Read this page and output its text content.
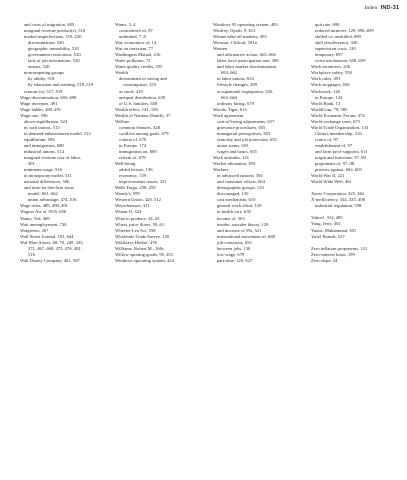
Index IND-31
and costs of migration, 685
marginal revenue product(s), 518
market imperfections, 519–520
discrimination, 520
geographic immobility, 520
government restrictions, 520
lack of job information, 520
unions, 520
noncompeting groups
by ability, 518
by education and training, 518–519
reasons for, 517–519
Wage discrimination, 693–698
Wage increases, 491
Wage ladder, 490–491
Wage rate, 596
above-equilibrium, 524
in craft unions, 513
in demand-enhancement model, 512
equilibrium, 506
and immigration, 688
industrial unions, 514
marginal revenue cost of labor,
491
minimum wage, 516
in monopsony model, 511
national differences, 506
and time-for-the-firm issue
model, 661–662
union advantage, 474–516
Wage rules, 489, 490–491
Wagner Act of 1935, 656
Wants, Ted, 469
Wait unemployment, 730
Walgreens, 267
Wall Street Journal, 181, 644
Wal-Mart Stores, 68, 70, 249, 345,
371, 467–468, 475–476, 481,
516
Walt Disney Company, 461, 587
Wants, 3–4
coincidence of, 87
unlimited, 7–8
War, economics of, 14
War on terrorism, 77
Washington Mutual, 216
Water pollution, 72
Water quality credits, 555
Wealth
determinant of saving and
consumption, 153
as stock, 419
unequal distribution, 639
of U.S. families, 658
Wealth effect, 142, 190
Wealth of Nations (Smith), 37
Welfare
common features, 428
conflicts among goals, 679
criteria of, 679
in Europe, 174
immigration on, 689
reform of, 679
Well-being
added leisure, 136
economic, 139
improvements issues, 321
Wells Fargo, 258, 259
Wendy's, 599
Western Union, 420, 512
Weyerhaeuser, 311
Wham-O, 424
What to produce, 34–35
Wheat, price floors, 59–61
Wheeler-Lea Act, 558
Wholesale Trade Survey, 120
Wikileave Hadise, 476
Williams, Robert M., 160s
Willow-spotting goods, 95, 451
Windows operating system, 424
Windows 95 operating system, 483
Winfrey, Oprah, 9, 613
Winner-take-all markets, 493
Winston, Clifford, 181n
Women
and affirmative action, 665–666
labor force participation rate, 309
and labor market discrimination,
693–662
in labor unions, 654
lifestyle changes, 309
occupational segregation, 520,
663–664
ordinary hiring, 679
Woods, Tiger, 613
Work agreement
cost-of-living adjustments, 657
grievance procedures, 655
managerial prerogatives, 655
seniority and job protection, 655
union status, 655
wages and hours, 655
Work attitudes, 141
Worker alienation, 393
Workers
in advanced nations, 394
and consumer efforts, 604
demographic groups, 133
discouraged, 130
cast mechanism, 610
general work effort, 129
in health care, 635
income of, 503
insider–outsider theory, 129
and increase of 59s, 521
international movement of, 688
job-conscious, 653
between jobs, 130
low-wage, 679
part-time, 126, 627
quit rate, 698
reduced turnover, 129, 696–699
skilled vs. unskilled, 689
skill obsolescence, 330
supervision costs, 129
temporary, 697
voice mechanism, 658–659
Work incentives, 256
Workplace safety, 559
Work rules, 491
Work stoppages, 656
Workweek, 126
in Europe, 134
World Bank, 13
WorldCom, 79, 585
World Economic Forum, 374
World exchange rates, 675
World Trade Organization, 133
China's membership, 316
critics of, 97
establishment of, 97
and farm price supports, 611
origin and functions, 97–98
proponents of, 97–98
protests against, 602–603
World War II, 221
World Wide Web, 461
Xerox Corporation, 425, 462
X-inefficiency, 334–335, 498
industrial regulation, 598
Yahoo!, 312, 485
Yang, Jerry, 461
Yunus, Muhammad, 301
Yusef Brands, 547
Zero inflation proponents, 141
Zero-interest loans, 199
Zero slope, 24
